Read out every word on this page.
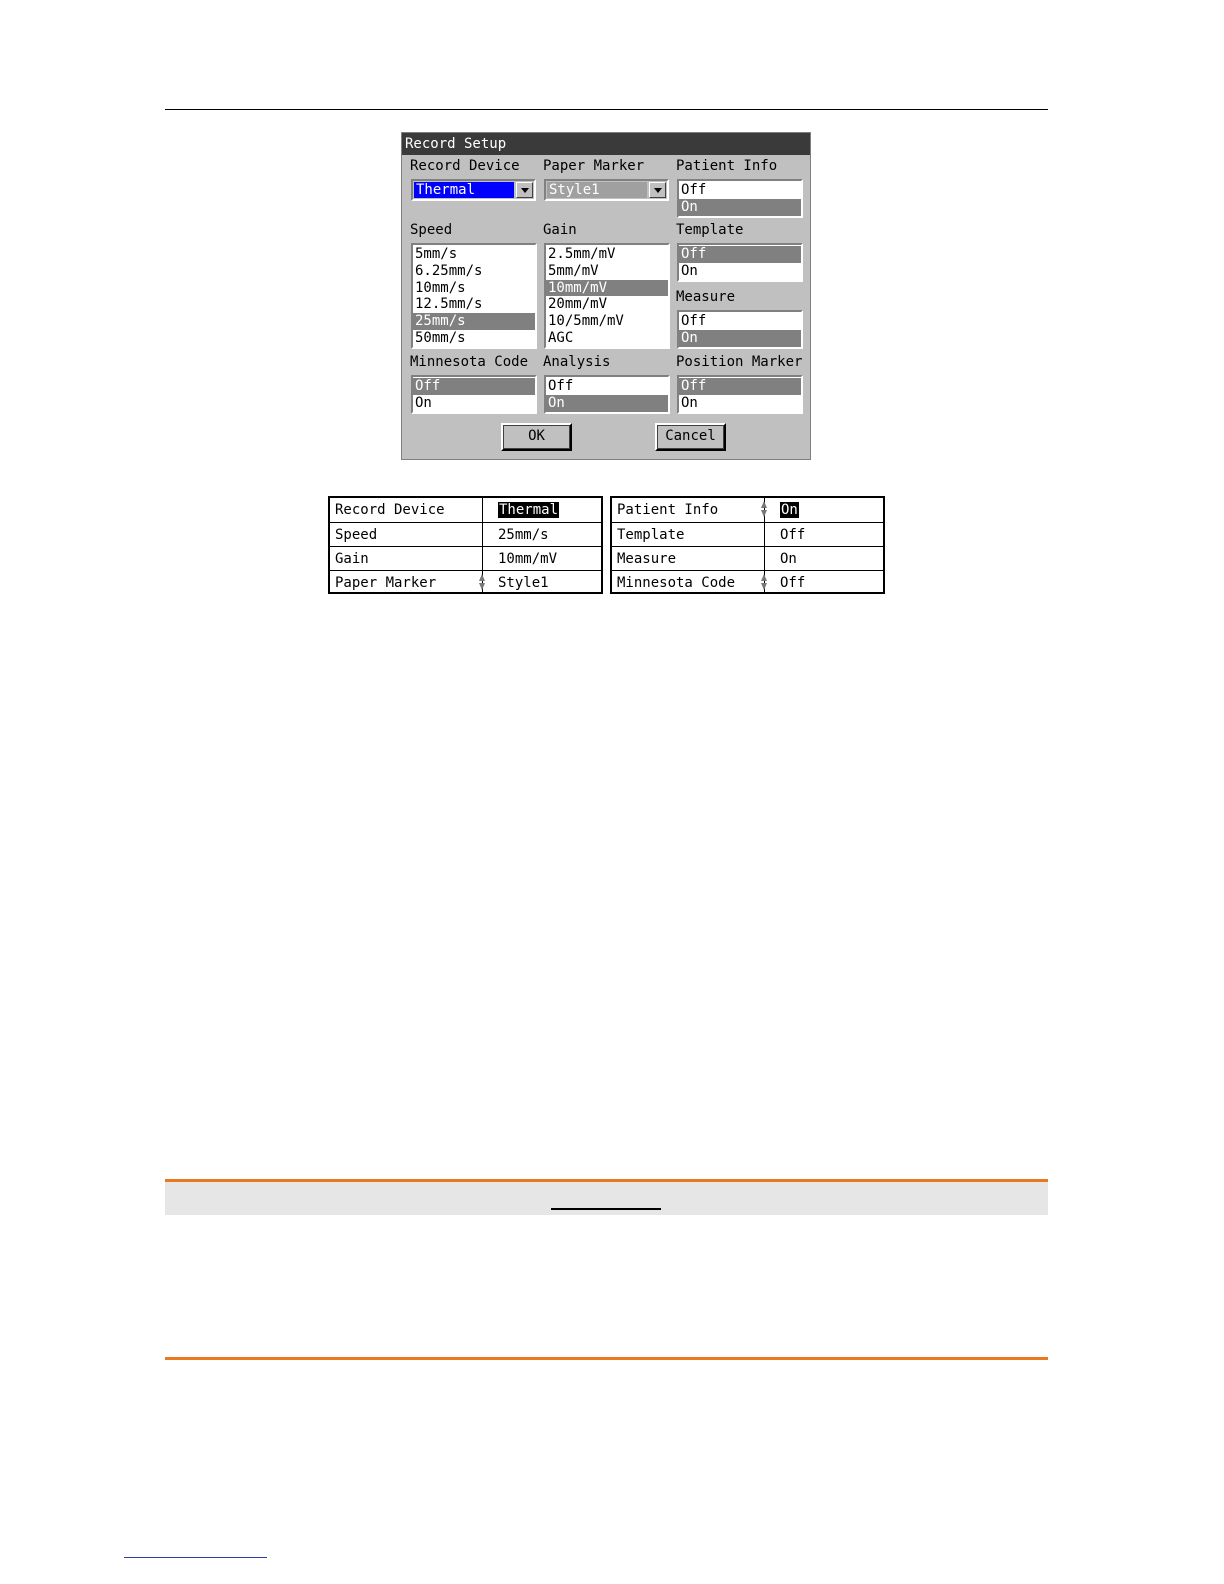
Record Setup
Record Device Paper Marker Patient Info
Thermal	Style1	Off
On
Speed	Gain	Template
5mm/s
6.25mm/s
10mm/s
12.5mm/s
25mm/s
50mm/s
2.5mm/mV
5mm/mV
10mm/mV
20mm/mV
10/5mm/mV
AGC
Off
On
Measure
Off
On
Minnesota Code Analysis	Position Marker
Off
On
Off
On
Off
On
OK	Cancel
Record Device	Thermal
Speed	25mm/s
Gain	10mm/mV
Paper Marker	Style1
Patient Info	On
Template	Off
Measure	On
Minnesota Code	Off
